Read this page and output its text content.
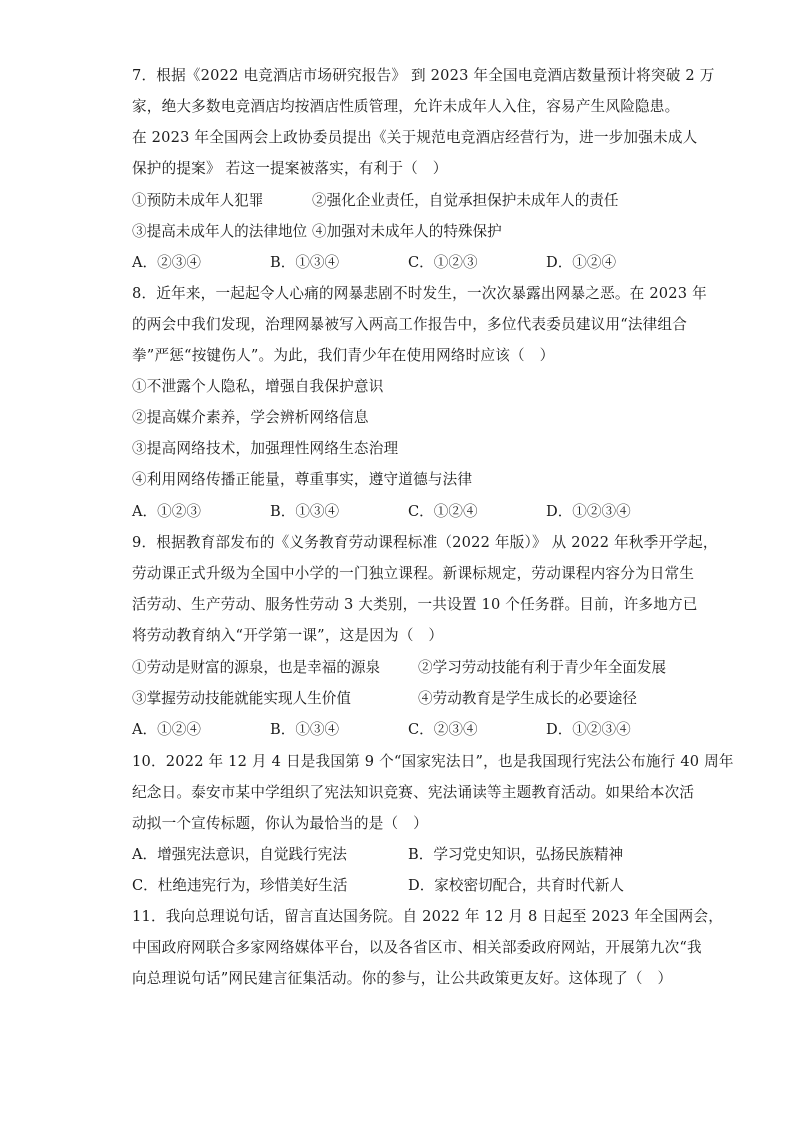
7．根据《2022 电竞酒店市场研究报告》 到 2023 年全国电竞酒店数量预计将突破 2 万
家，绝大多数电竞酒店均按酒店性质管理，允许未成年人入住，容易产生风险隐患。
在 2023 年全国两会上政协委员提出《关于规范电竞酒店经营行为，进一步加强未成人
保护的提案》 若这一提案被落实，有利于（　）
①预防未成年人犯罪	②强化企业责任，自觉承担保护未成年人的责任
③提高未成年人的法律地位 ④加强对未成年人的特殊保护
A．②③④	B．①③④	C．①②③	D．①②④
8．近年来，一起起令人心痛的网暴悲剧不时发生，一次次暴露出网暴之恶。在 2023 年
的两会中我们发现，治理网暴被写入两高工作报告中，多位代表委员建议用“法律组合
拳”严惩“按键伤人”。为此，我们青少年在使用网络时应该（　）
①不泄露个人隐私，增强自我保护意识
②提高媒介素养，学会辨析网络信息
③提高网络技术，加强理性网络生态治理
④利用网络传播正能量，尊重事实，遵守道德与法律
A．①②③	B．①③④	C．①②④	D．①②③④
9．根据教育部发布的《义务教育劳动课程标准（2022 年版）》 从 2022 年秋季开学起，
劳动课正式升级为全国中小学的一门独立课程。新课标规定，劳动课程内容分为日常生
活劳动、生产劳动、服务性劳动 3 大类别，一共设置 10 个任务群。目前，许多地方已
将劳动教育纳入“开学第一课”，这是因为（　）
①劳动是财富的源泉，也是幸福的源泉	②学习劳动技能有利于青少年全面发展
③掌握劳动技能就能实现人生价值	④劳动教育是学生成长的必要途径
A．①②④	B．①③④	C．②③④	D．①②③④
10．2022 年 12 月 4 日是我国第 9 个“国家宪法日”，也是我国现行宪法公布施行 40 周年
纪念日。泰安市某中学组织了宪法知识竞赛、宪法诵读等主题教育活动。如果给本次活
动拟一个宣传标题，你认为最恰当的是（　）
A．增强宪法意识，自觉践行宪法	B．学习党史知识，弘扬民族精神
C．杜绝违宪行为，珍惜美好生活	D．家校密切配合，共育时代新人
11．我向总理说句话，留言直达国务院。自 2022 年 12 月 8 日起至 2023 年全国两会，
中国政府网联合多家网络媒体平台，以及各省区市、相关部委政府网站，开展第九次“我
向总理说句话”网民建言征集活动。你的参与，让公共政策更友好。这体现了（　）
